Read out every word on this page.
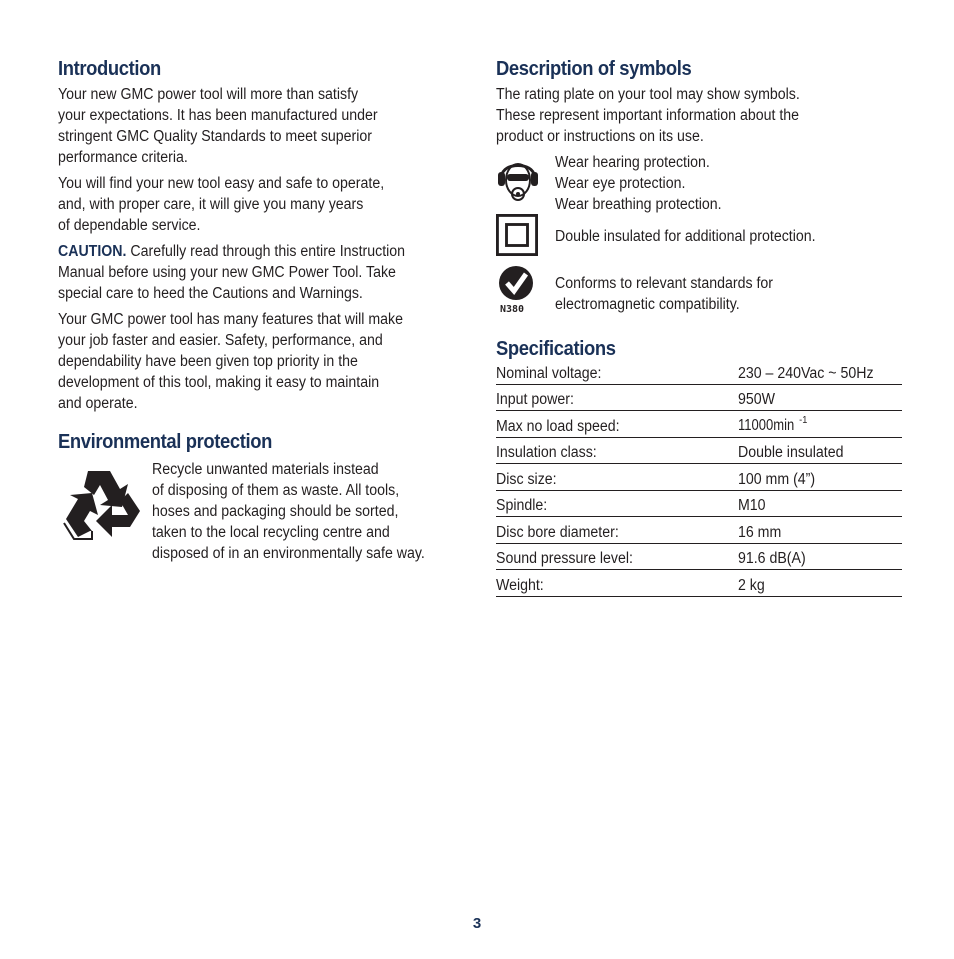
Introduction

Your new GMC power tool will more than satisfy

your expectations. It has been manufactured under

stringent GMC Quality Standards to meet superior

performance criteria.

You will find your new tool easy and safe to operate,

and, with proper care, it will give you many years

of dependable service.

CAUTION. Carefully read through this entire Instruction

Manual before using your new GMC Power Tool. Take

special care to heed the Cautions and Warnings.

Your GMC power tool has many features that will make

your job faster and easier. Safety, performance, and

dependability have been given top priority in the

development of this tool, making it easy to maintain

and operate.

Environmental protection

Recycle unwanted materials instead

of disposing of them as waste. All tools,

hoses and packaging should be sorted,

taken to the local recycling centre and

disposed of in an environmentally safe way.

Description of symbols

The rating plate on your tool may show symbols.

These represent important information about the

product or instructions on its use.

Wear hearing protection.

Wear eye protection.

Wear breathing protection.

Double insulated for additional protection.

N380

Conforms to relevant standards for

electromagnetic compatibility.

Specifications
Nominal voltage:	230 – 240Vac ~ 50Hz
Input power:	950W
Max no load speed:	11000min $^{-1}$
Insulation class:	Double insulated
Disc size:	100 mm (4”)
Spindle:	M10
Disc bore diameter:	16 mm
Sound pressure level:	91.6 dB(A)
Weight:	2 kg
3
